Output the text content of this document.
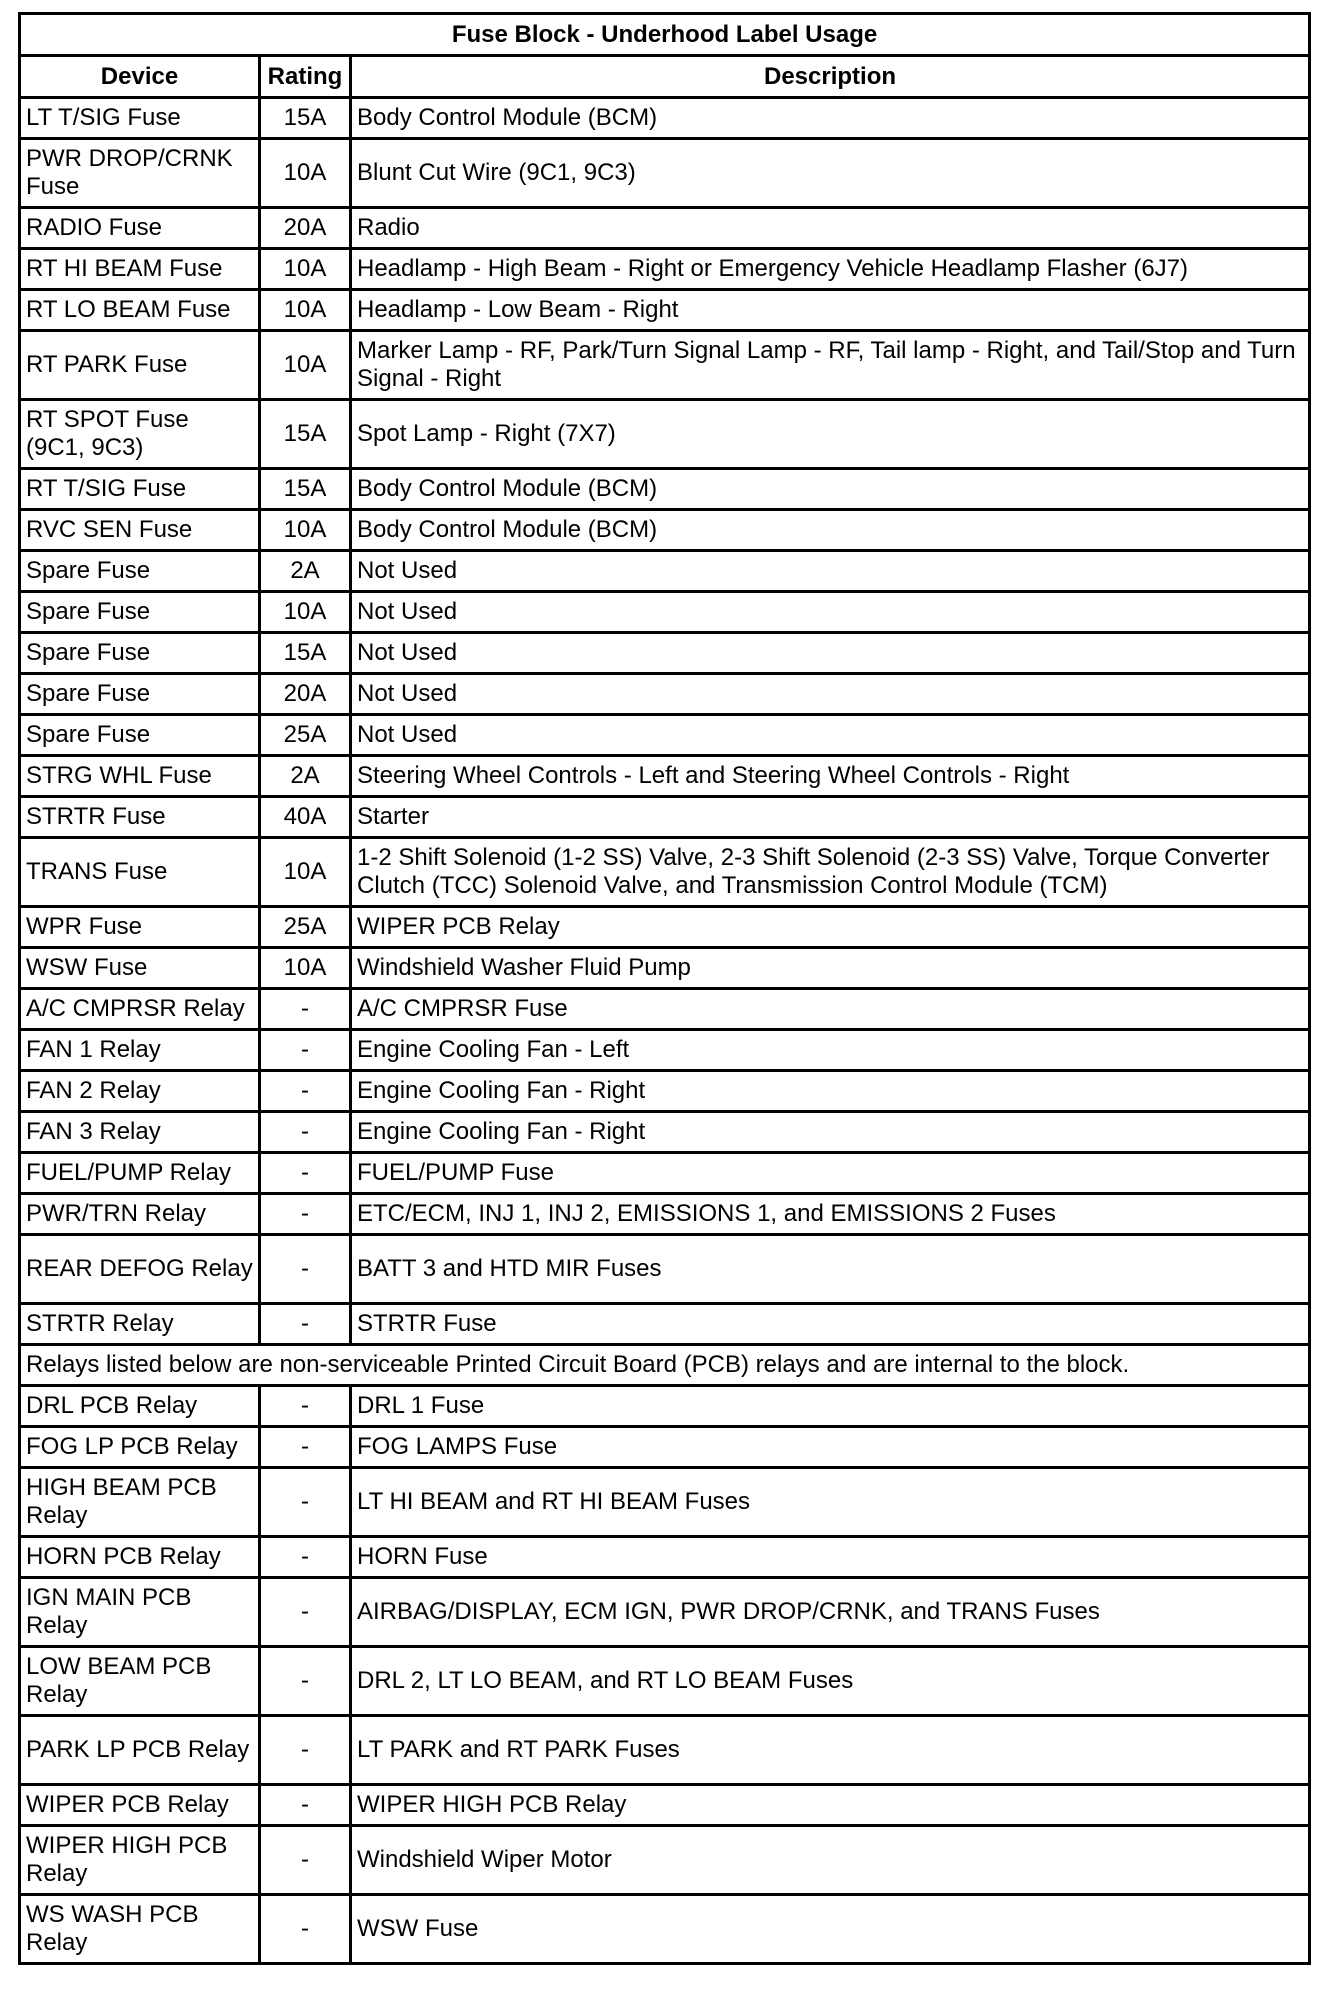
Fuse Block - Underhood Label Usage		
Device	Rating	Description
LT T/SIG Fuse	15A	Body Control Module (BCM)
PWR DROP/CRNK Fuse	10A	Blunt Cut Wire (9C1, 9C3)
RADIO Fuse	20A	Radio
RT HI BEAM Fuse	10A	Headlamp - High Beam - Right or Emergency Vehicle Headlamp Flasher (6J7)
RT LO BEAM Fuse	10A	Headlamp - Low Beam - Right
RT PARK Fuse	10A	Marker Lamp - RF, Park/Turn Signal Lamp - RF, Tail lamp - Right, and Tail/Stop and Turn Signal - Right
RT SPOT Fuse (9C1, 9C3)	15A	Spot Lamp - Right (7X7)
RT T/SIG Fuse	15A	Body Control Module (BCM)
RVC SEN Fuse	10A	Body Control Module (BCM)
Spare Fuse	2A	Not Used
Spare Fuse	10A	Not Used
Spare Fuse	15A	Not Used
Spare Fuse	20A	Not Used
Spare Fuse	25A	Not Used
STRG WHL Fuse	2A	Steering Wheel Controls - Left and Steering Wheel Controls - Right
STRTR Fuse	40A	Starter
TRANS Fuse	10A	1-2 Shift Solenoid (1-2 SS) Valve, 2-3 Shift Solenoid (2-3 SS) Valve, Torque Converter Clutch (TCC) Solenoid Valve, and Transmission Control Module (TCM)
WPR Fuse	25A	WIPER PCB Relay
WSW Fuse	10A	Windshield Washer Fluid Pump
A/C CMPRSR Relay	-	A/C CMPRSR Fuse
FAN 1 Relay	-	Engine Cooling Fan - Left
FAN 2 Relay	-	Engine Cooling Fan - Right
FAN 3 Relay	-	Engine Cooling Fan - Right
FUEL/PUMP Relay	-	FUEL/PUMP Fuse
PWR/TRN Relay	-	ETC/ECM, INJ 1, INJ 2, EMISSIONS 1, and EMISSIONS 2 Fuses
REAR DEFOG Relay	-	BATT 3 and HTD MIR Fuses
STRTR Relay	-	STRTR Fuse
Relays listed below are non-serviceable Printed Circuit Board (PCB) relays and are internal to the block.		
DRL PCB Relay	-	DRL 1 Fuse
FOG LP PCB Relay	-	FOG LAMPS Fuse
HIGH BEAM PCB Relay	-	LT HI BEAM and RT HI BEAM Fuses
HORN PCB Relay	-	HORN Fuse
IGN MAIN PCB Relay	-	AIRBAG/DISPLAY, ECM IGN, PWR DROP/CRNK, and TRANS Fuses
LOW BEAM PCB Relay	-	DRL 2, LT LO BEAM, and RT LO BEAM Fuses
PARK LP PCB Relay	-	LT PARK and RT PARK Fuses
WIPER PCB Relay	-	WIPER HIGH PCB Relay
WIPER HIGH PCB Relay	-	Windshield Wiper Motor
WS WASH PCB Relay	-	WSW Fuse
